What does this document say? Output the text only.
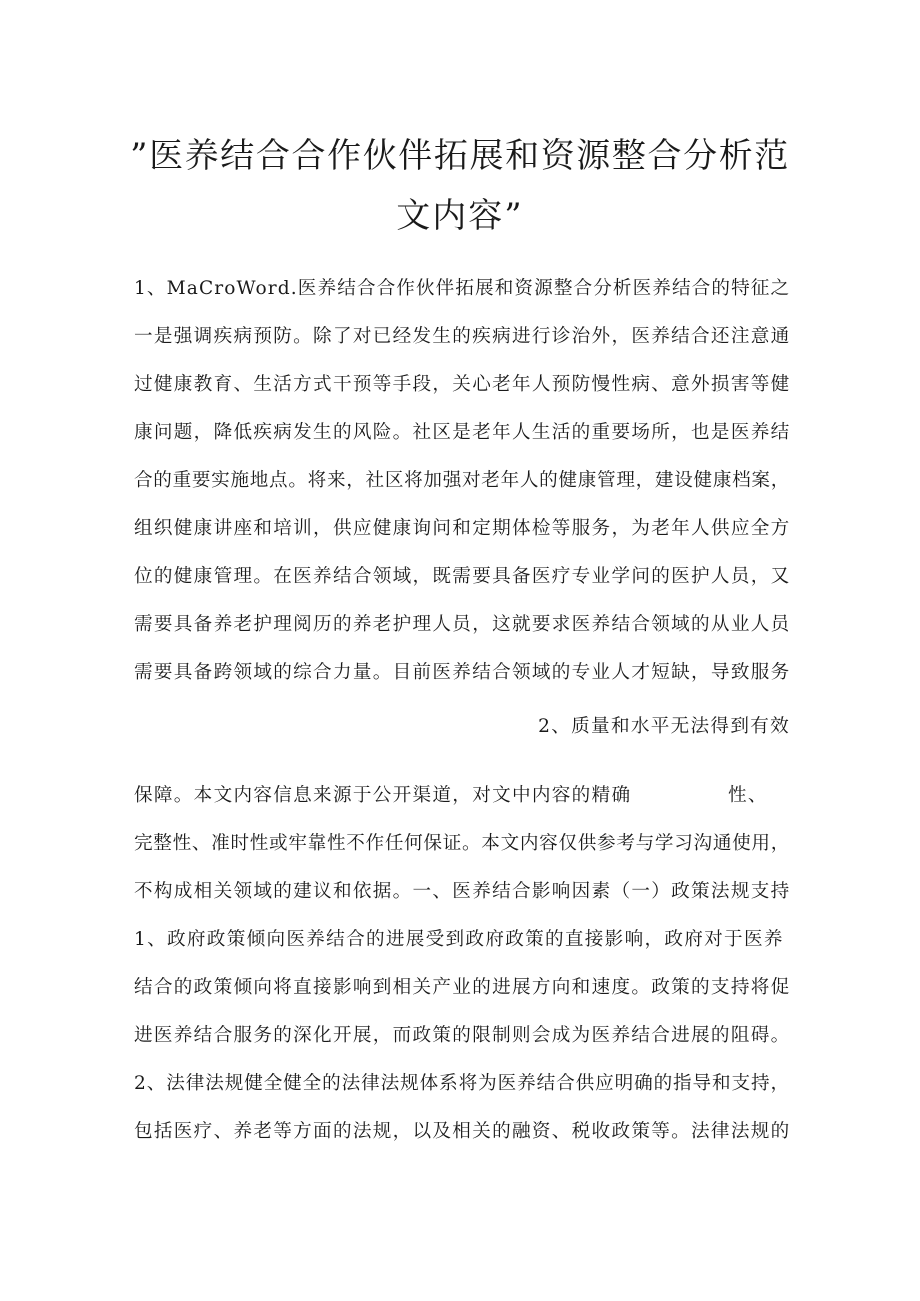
”医养结合合作伙伴拓展和资源整合分析范
文内容”

1、MaCroWord.医养结合合作伙伴拓展和资源整合分析医养结合的特征之

一是强调疾病预防。除了对已经发生的疾病进行诊治外，医养结合还注意通

过健康教育、生活方式干预等手段，关心老年人预防慢性病、意外损害等健

康问题，降低疾病发生的风险。社区是老年人生活的重要场所，也是医养结

合的重要实施地点。将来，社区将加强对老年人的健康管理，建设健康档案，

组织健康讲座和培训，供应健康询问和定期体检等服务，为老年人供应全方

位的健康管理。在医养结合领域，既需要具备医疗专业学问的医护人员，又

需要具备养老护理阅历的养老护理人员，这就要求医养结合领域的从业人员

需要具备跨领域的综合力量。目前医养结合领域的专业人才短缺，导致服务

2、质量和水平无法得到有效

保障。本文内容信息来源于公开渠道，对文中内容的精确	性、

完整性、准时性或牢靠性不作任何保证。本文内容仅供参考与学习沟通使用，

不构成相关领域的建议和依据。一、医养结合影响因素（一）政策法规支持

1、政府政策倾向医养结合的进展受到政府政策的直接影响，政府对于医养

结合的政策倾向将直接影响到相关产业的进展方向和速度。政策的支持将促

进医养结合服务的深化开展，而政策的限制则会成为医养结合进展的阻碍。

2、法律法规健全健全的法律法规体系将为医养结合供应明确的指导和支持，

包括医疗、养老等方面的法规，以及相关的融资、税收政策等。法律法规的
